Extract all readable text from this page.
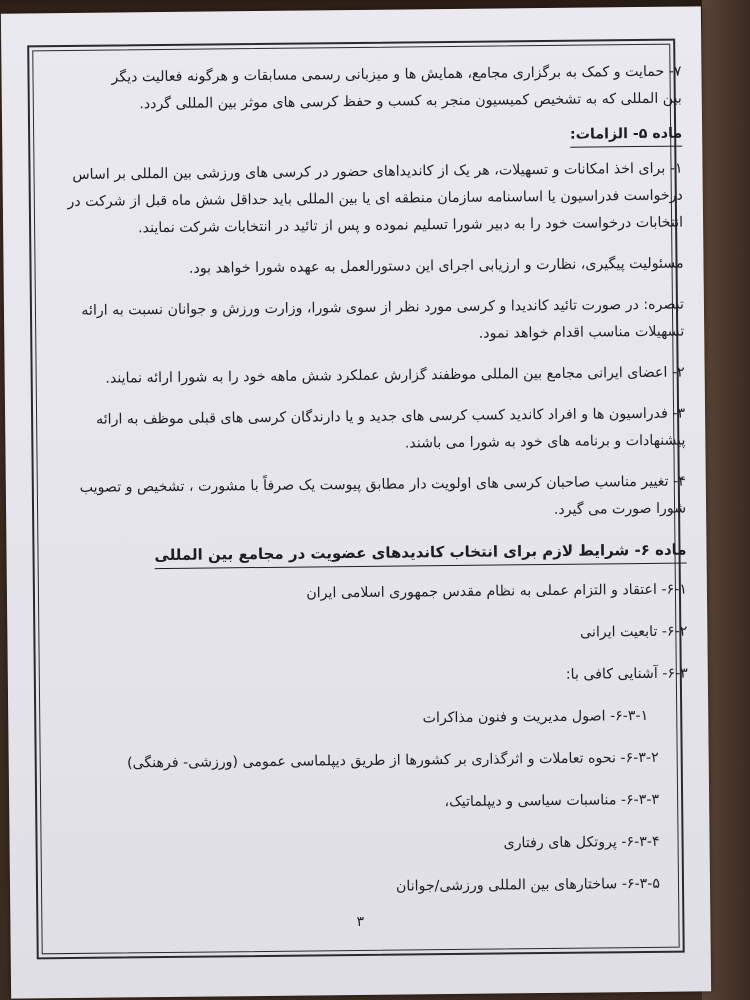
۳

۷- حمایت و کمک به برگزاری مجامع، همایش ها و میزبانی رسمی مسابقات و هرگونه فعالیت دیگر

بین المللی که به تشخیص کمیسیون منجر به کسب و حفظ کرسی های موثر بین المللی گردد.

ماده ۵- الزامات:

۱- برای اخذ امکانات و تسهیلات، هر یک از کاندیداهای حضور در کرسی های ورزشی بین المللی بر اساس

درخواست فدراسیون یا اساسنامه سازمان منطقه ای یا بین المللی باید حداقل شش ماه قبل از شرکت در

انتخابات درخواست خود را به دبیر شورا تسلیم نموده و پس از تائید در انتخابات شرکت نمایند.

مسئولیت پیگیری، نظارت و ارزیابی اجرای این دستورالعمل به عهده شورا خواهد بود.

تبصره: در صورت تائید کاندیدا و کرسی مورد نظر از سوی شورا، وزارت ورزش و جوانان نسبت به ارائه

تسهیلات مناسب اقدام خواهد نمود.

۲- اعضای ایرانی مجامع بین المللی موظفند گزارش عملکرد شش ماهه خود را به شورا ارائه نمایند.

۳- فدراسیون ها و افراد کاندید کسب کرسی های جدید و یا دارندگان کرسی های قبلی موظف به ارائه

پیشنهادات و برنامه های خود به شورا می باشند.

۴- تغییر مناسب صاحبان کرسی های اولویت دار مطابق پیوست یک صرفاً با مشورت ، تشخیص و تصویب

شورا صورت می گیرد.

ماده ۶- شرایط لازم برای انتخاب کاندیدهای عضویت در مجامع بین المللی

۶-۱- اعتقاد و التزام عملی به نظام مقدس جمهوری اسلامی ایران

۶-۲- تابعیت ایرانی

۶-۳- آشنایی کافی با:

۶-۳-۱- اصول مدیریت و فنون مذاکرات

۶-۳-۲- نحوه تعاملات و اثرگذاری بر کشورها از طریق دیپلماسی عمومی (ورزشی- فرهنگی)

۶-۳-۳- مناسبات سیاسی و دیپلماتیک،

۶-۳-۴- پروتکل های رفتاری

۶-۳-۵- ساختارهای بین المللی ورزشی/جوانان
